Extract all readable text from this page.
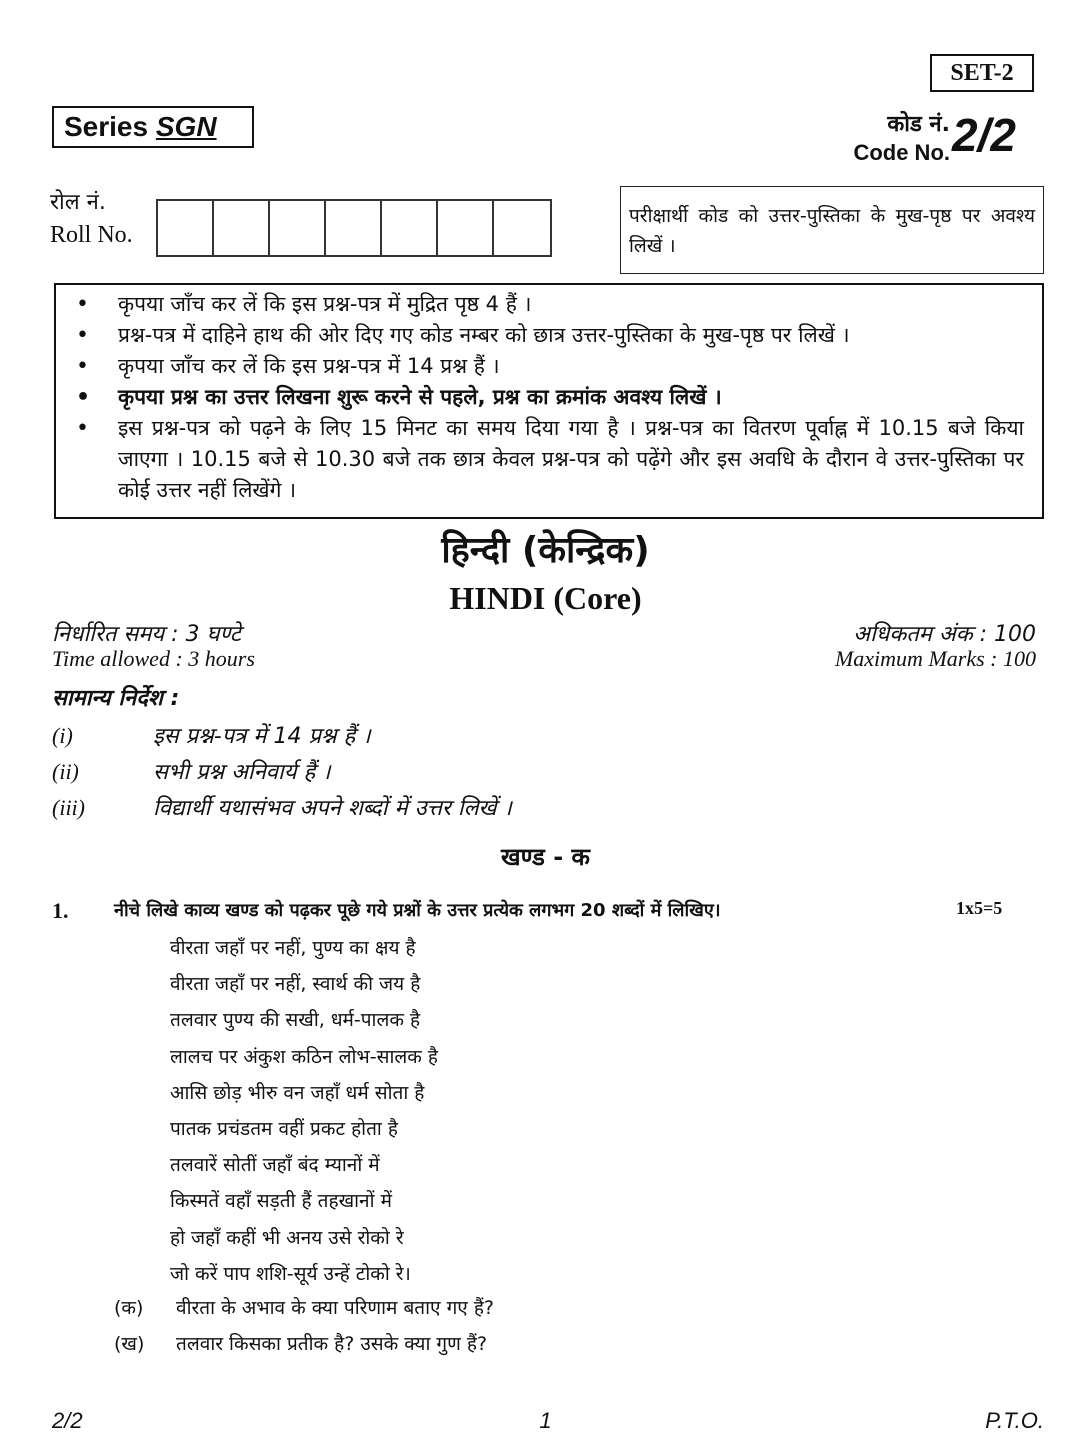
SET-2
Series SGN	कोड नं.
Code No. 2/2
रोल नं.
Roll No.
परीक्षार्थी कोड को उत्तर-पुस्तिका के मुख-पृष्ठ पर अवश्य लिखें ।
• कृपया जाँच कर लें कि इस प्रश्न-पत्र में मुद्रित पृष्ठ 4 हैं ।
• प्रश्न-पत्र में दाहिने हाथ की ओर दिए गए कोड नम्बर को छात्र उत्तर-पुस्तिका के मुख-पृष्ठ पर लिखें ।
• कृपया जाँच कर लें कि इस प्रश्न-पत्र में 14 प्रश्न हैं ।
• कृपया प्रश्न का उत्तर लिखना शुरू करने से पहले, प्रश्न का क्रमांक अवश्य लिखें ।
• इस प्रश्न-पत्र को पढ़ने के लिए 15 मिनट का समय दिया गया है । प्रश्न-पत्र का वितरण पूर्वाह्न में 10.15 बजे किया जाएगा । 10.15 बजे से 10.30 बजे तक छात्र केवल प्रश्न-पत्र को पढ़ेंगे और इस अवधि के दौरान वे उत्तर-पुस्तिका पर कोई उत्तर नहीं लिखेंगे ।
हिन्दी (केन्द्रिक)
HINDI (Core)
निर्धारित समय : 3 घण्टे
Time allowed : 3 hours
अधिकतम अंक : 100
Maximum Marks : 100
सामान्य निर्देश :
(i)	इस प्रश्न-पत्र में 14 प्रश्न हैं ।
(ii)	सभी प्रश्न अनिवार्य हैं ।
(iii)	विद्यार्थी यथासंभव अपने शब्दों में उत्तर लिखें ।
खण्ड - क
1.	नीचे लिखे काव्य खण्ड को पढ़कर पूछे गये प्रश्नों के उत्तर प्रत्येक लगभग 20 शब्दों में लिखिए।	1x5=5
वीरता जहाँ पर नहीं, पुण्य का क्षय है
वीरता जहाँ पर नहीं, स्वार्थ की जय है
तलवार पुण्य की सखी, धर्म-पालक है
लालच पर अंकुश कठिन लोभ-सालक है
आसि छोड़ भीरु वन जहाँ धर्म सोता है
पातक प्रचंडतम वहीं प्रकट होता है
तलवारें सोतीं जहाँ बंद म्यानों में
किस्मतें वहाँ सड़ती हैं तहखानों में
हो जहाँ कहीं भी अनय उसे रोको रे
जो करें पाप शशि-सूर्य उन्हें टोको रे।
(क) वीरता के अभाव के क्या परिणाम बताए गए हैं?
(ख) तलवार किसका प्रतीक है? उसके क्या गुण हैं?
2/2	1	P.T.O.
